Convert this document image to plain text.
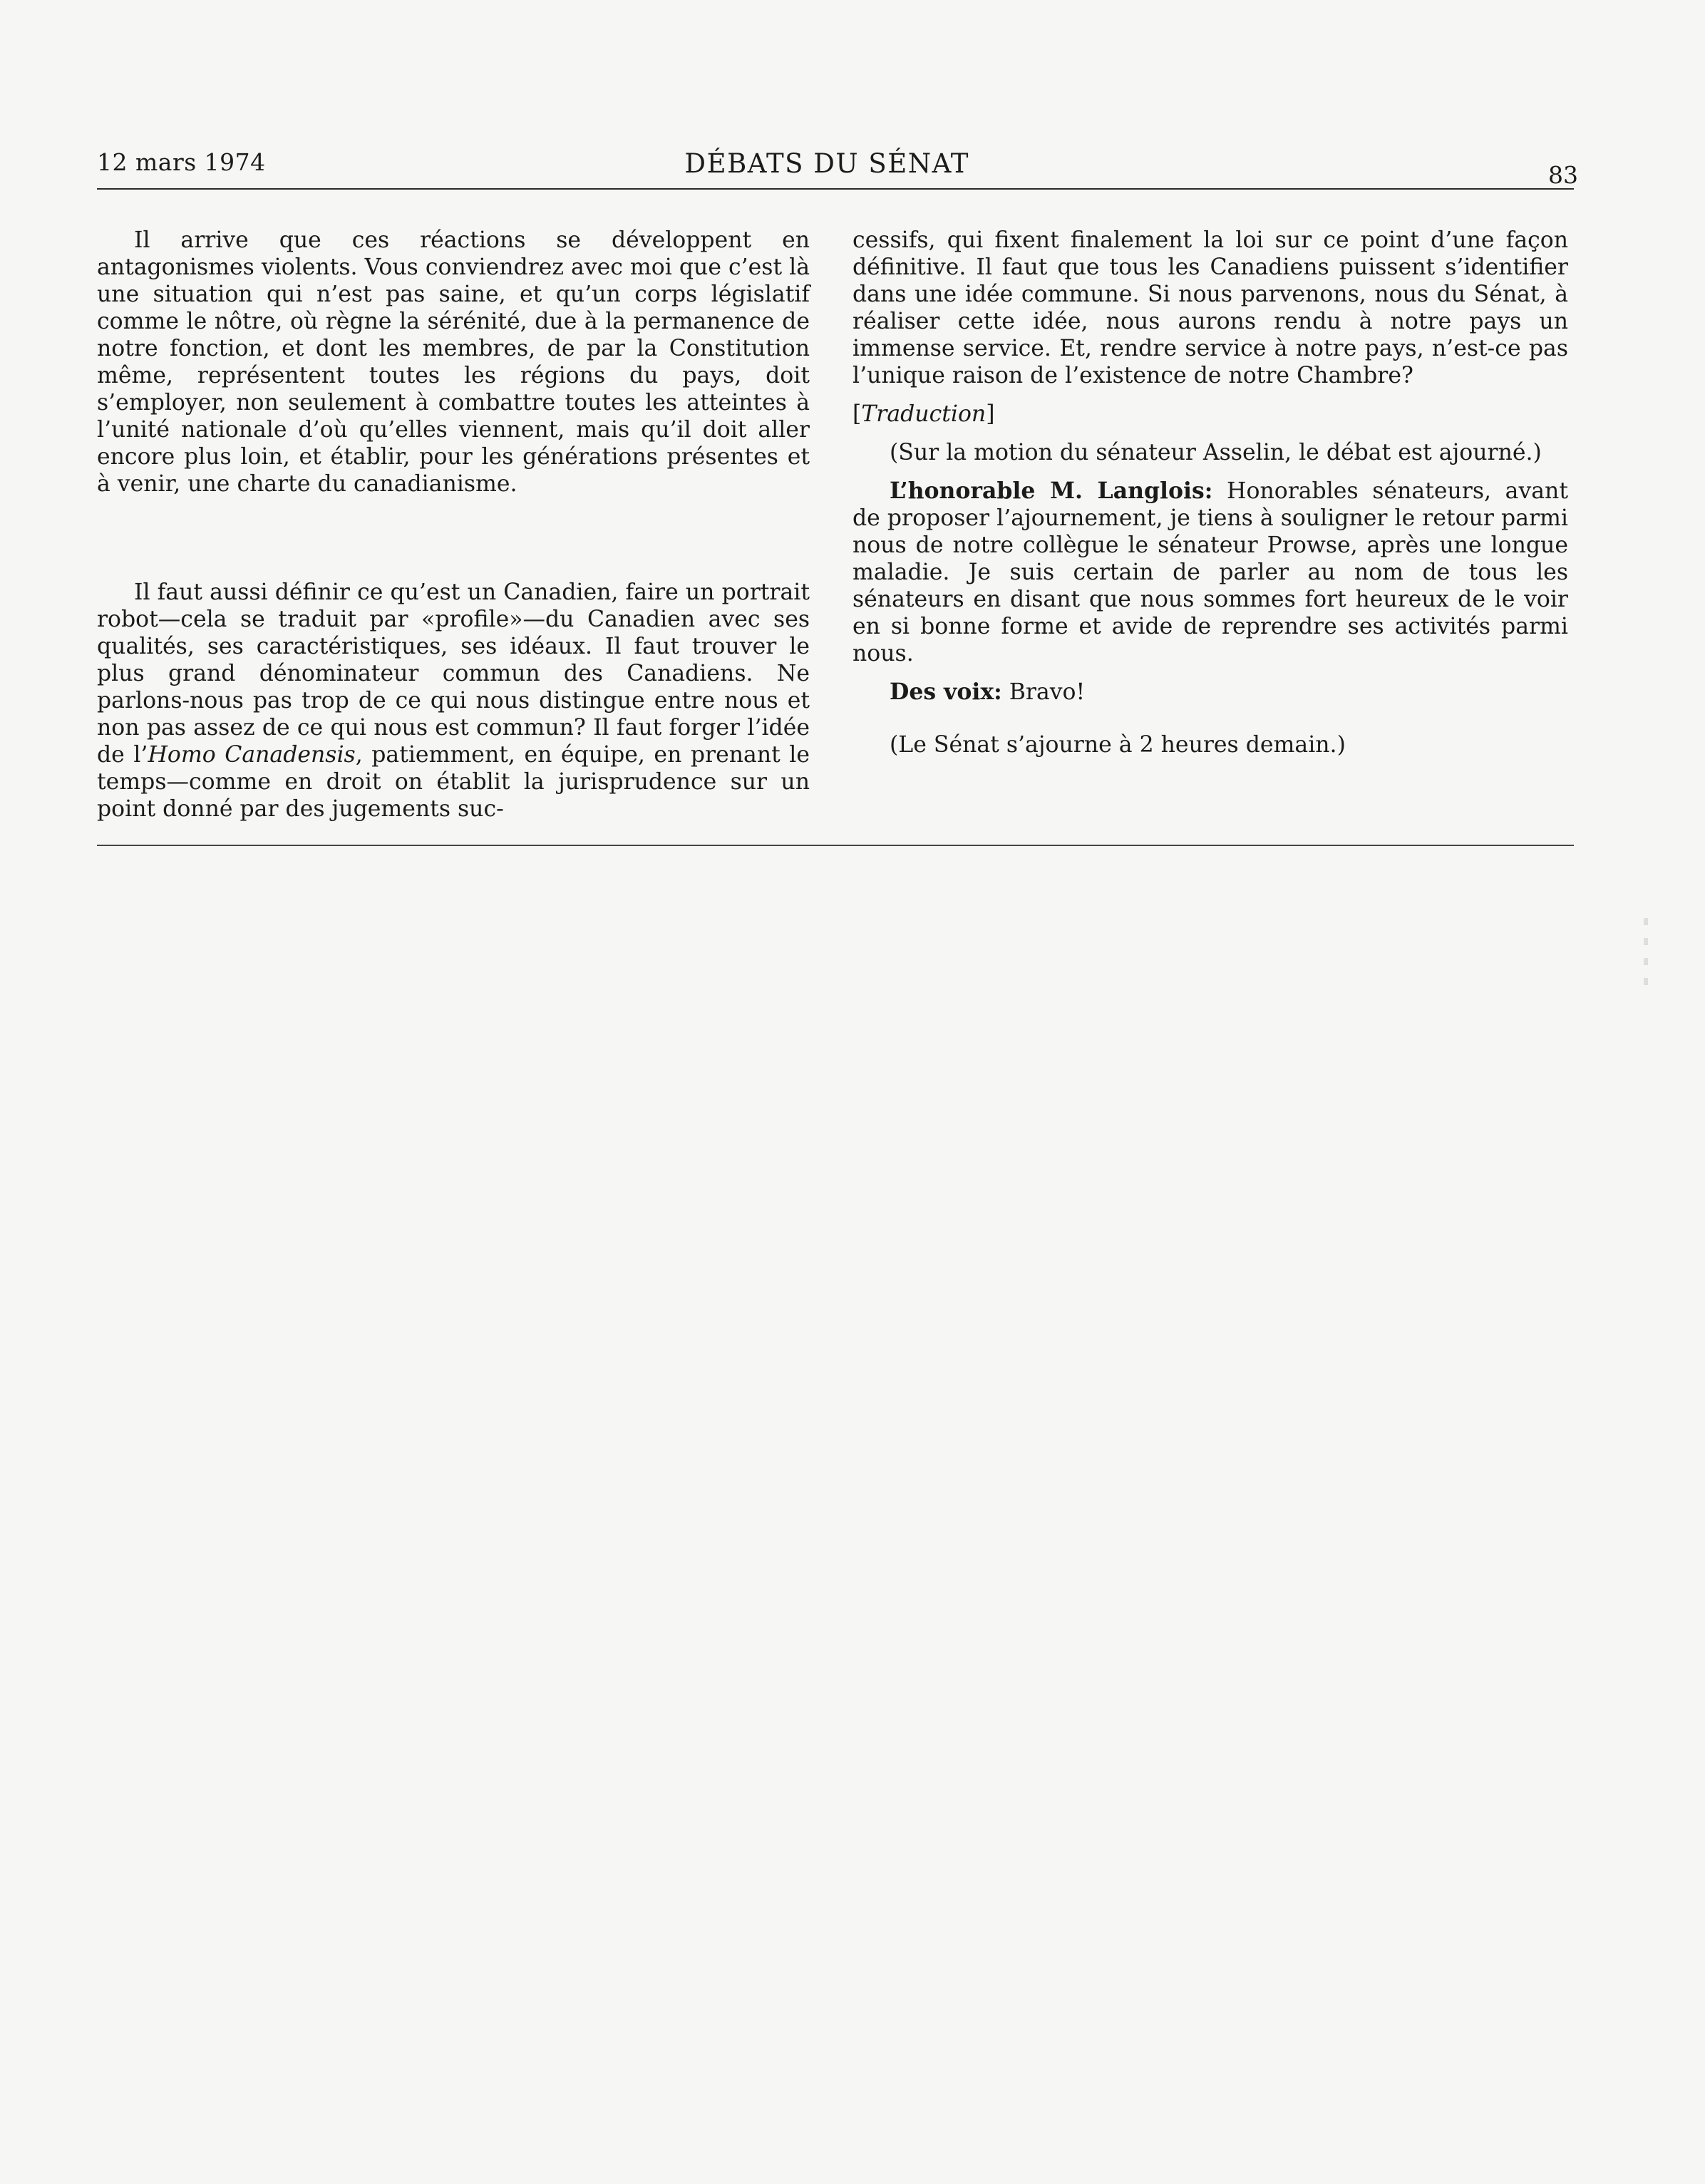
12 mars 1974	DÉBATS DU SÉNAT	83

Il arrive que ces réactions se développent en antagonismes violents. Vous conviendrez avec moi que c’est là une situation qui n’est pas saine, et qu’un corps législatif comme le nôtre, où règne la sérénité, due à la permanence de notre fonction, et dont les membres, de par la Constitution même, représentent toutes les régions du pays, doit s’employer, non seulement à combattre toutes les atteintes à l’unité nationale d’où qu’elles viennent, mais qu’il doit aller encore plus loin, et établir, pour les générations présentes et à venir, une charte du canadianisme.

Il faut aussi définir ce qu’est un Canadien, faire un portrait robot—cela se traduit par «profile»—du Canadien avec ses qualités, ses caractéristiques, ses idéaux. Il faut trouver le plus grand dénominateur commun des Canadiens. Ne parlons-nous pas trop de ce qui nous distingue entre nous et non pas assez de ce qui nous est commun? Il faut forger l’idée de l’Homo Canadensis, patiemment, en équipe, en prenant le temps—comme en droit on établit la jurisprudence sur un point donné par des jugements suc-

cessifs, qui fixent finalement la loi sur ce point d’une façon définitive. Il faut que tous les Canadiens puissent s’identifier dans une idée commune. Si nous parvenons, nous du Sénat, à réaliser cette idée, nous aurons rendu à notre pays un immense service. Et, rendre service à notre pays, n’est-ce pas l’unique raison de l’existence de notre Chambre?

[Traduction]

(Sur la motion du sénateur Asselin, le débat est ajourné.)

L’honorable M. Langlois: Honorables sénateurs, avant de proposer l’ajournement, je tiens à souligner le retour parmi nous de notre collègue le sénateur Prowse, après une longue maladie. Je suis certain de parler au nom de tous les sénateurs en disant que nous sommes fort heureux de le voir en si bonne forme et avide de reprendre ses activités parmi nous.

Des voix: Bravo!

(Le Sénat s’ajourne à 2 heures demain.)
